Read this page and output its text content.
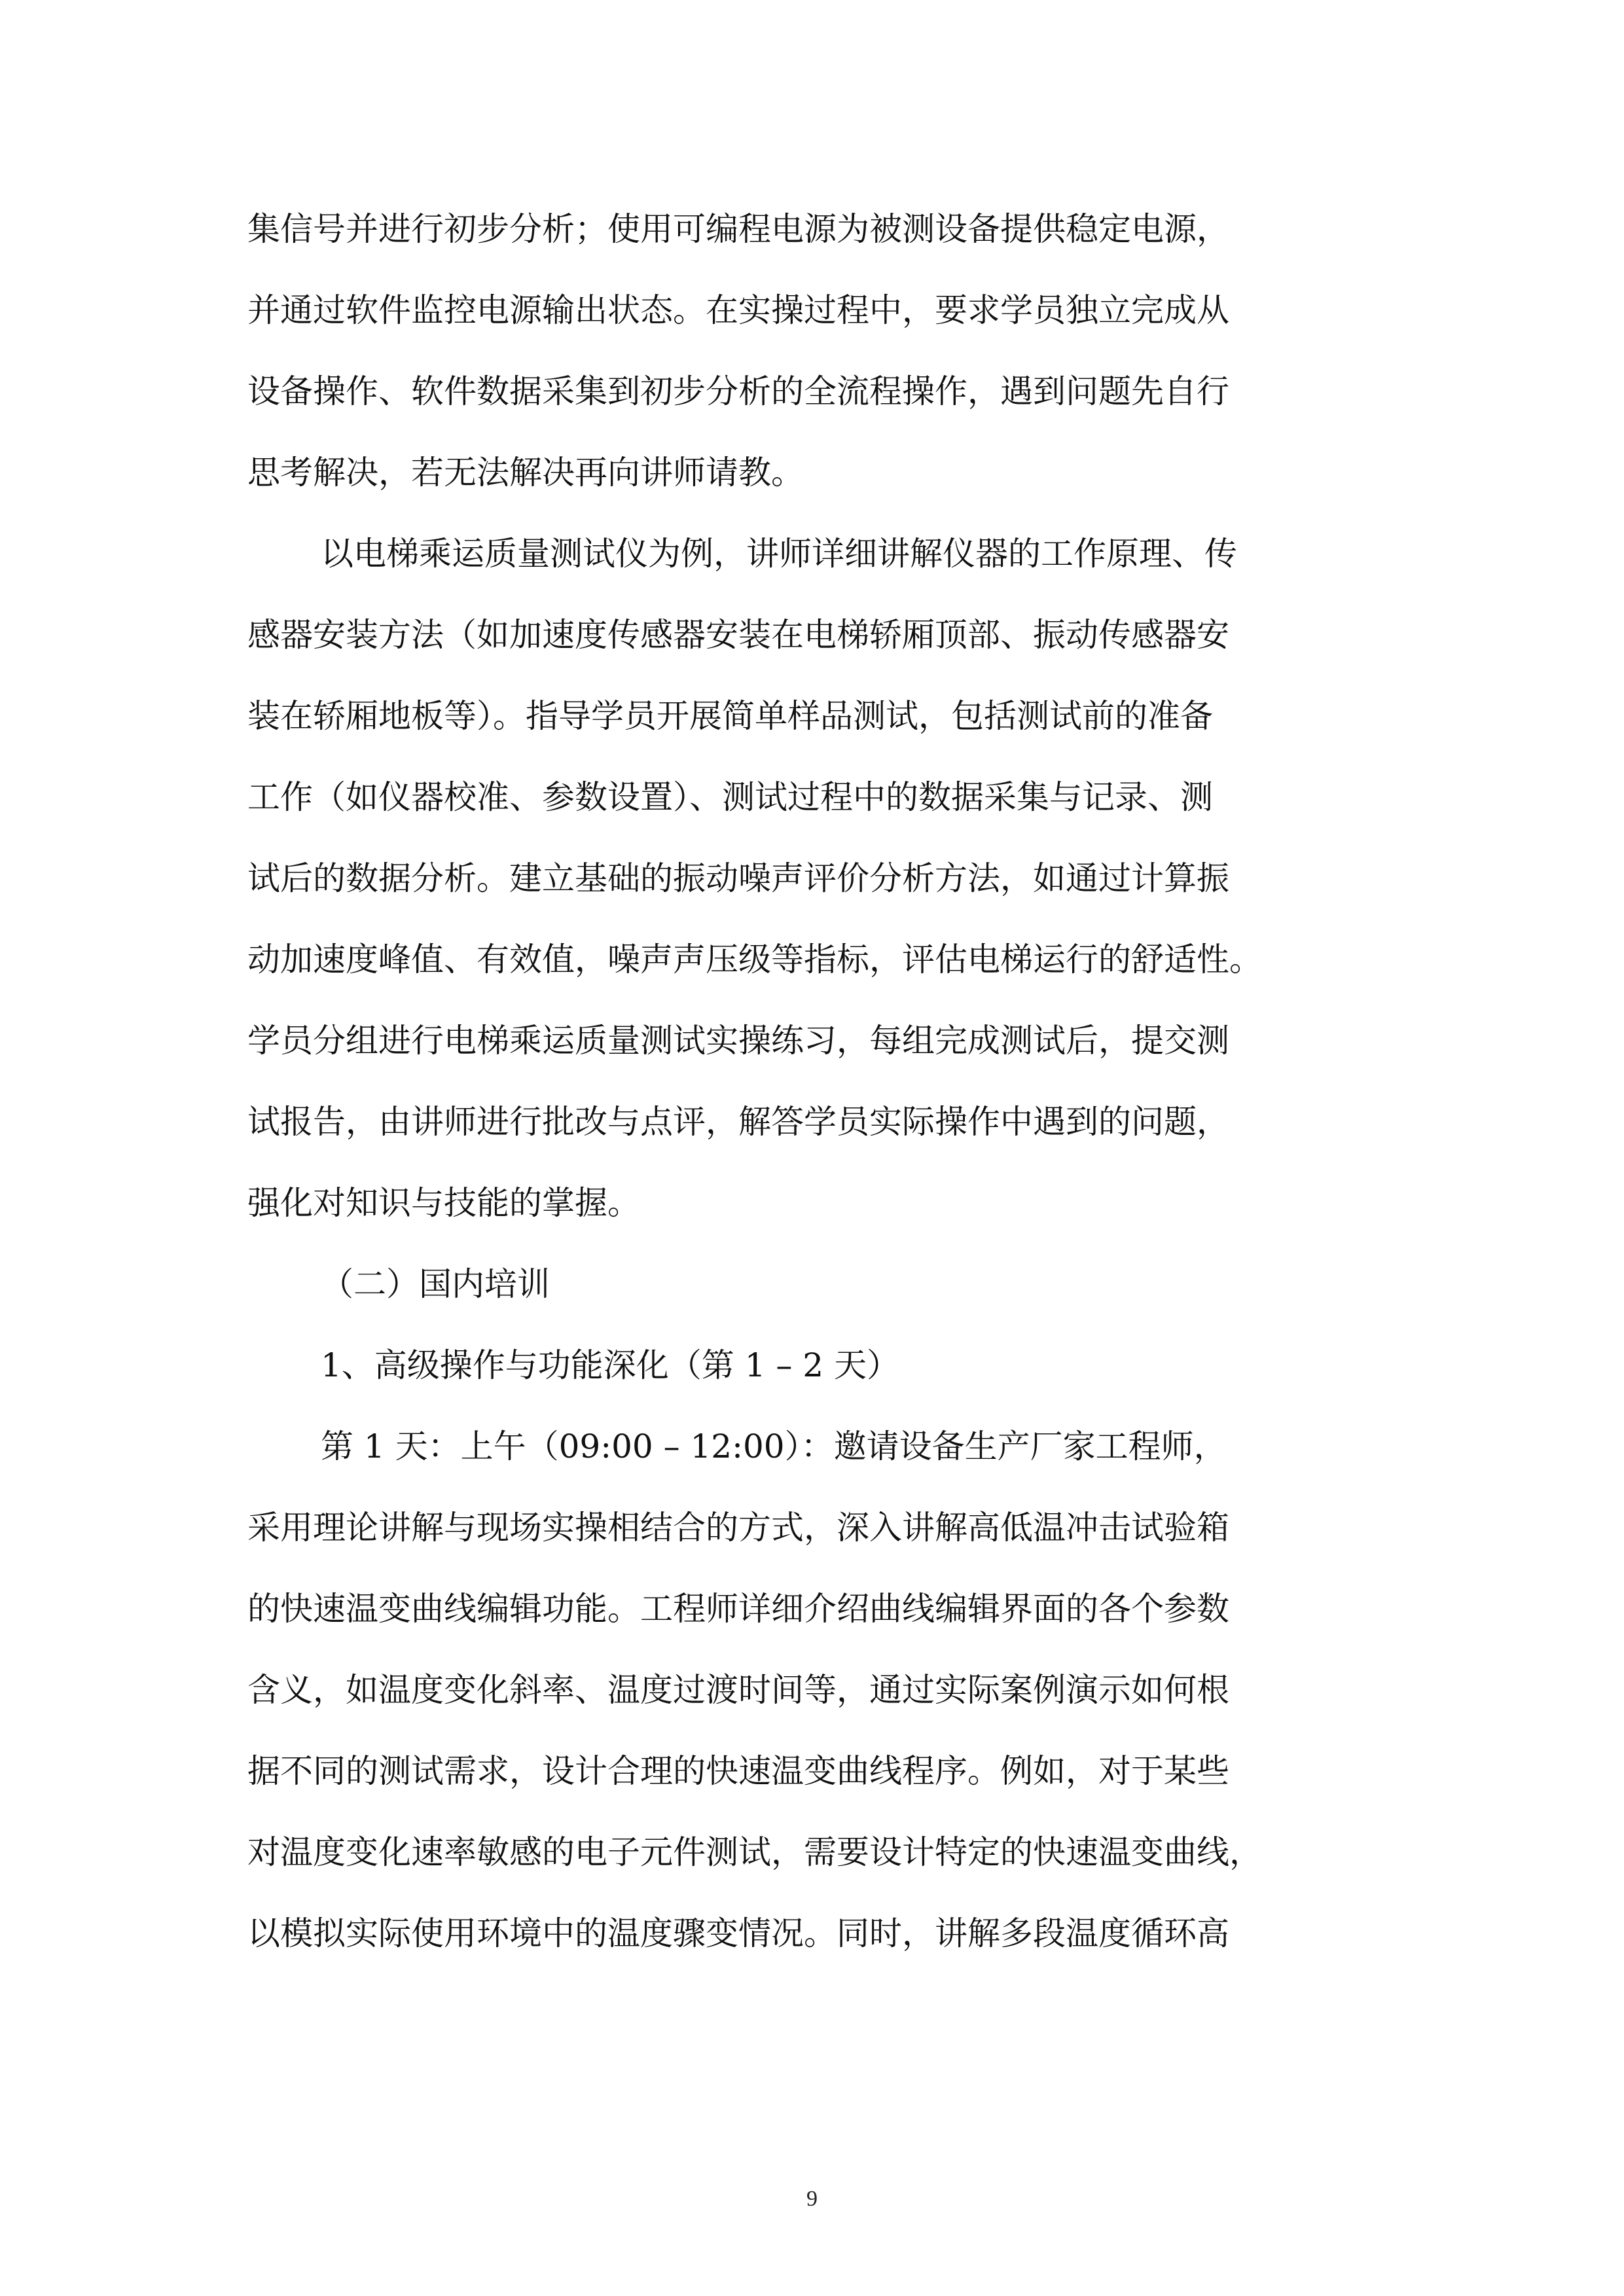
集信号并进行初步分析；使用可编程电源为被测设备提供稳定电源，
并通过软件监控电源输出状态。在实操过程中，要求学员独立完成从
设备操作、软件数据采集到初步分析的全流程操作，遇到问题先自行
思考解决，若无法解决再向讲师请教。
以电梯乘运质量测试仪为例，讲师详细讲解仪器的工作原理、传
感器安装方法（如加速度传感器安装在电梯轿厢顶部、振动传感器安
装在轿厢地板等）。指导学员开展简单样品测试，包括测试前的准备
工作（如仪器校准、参数设置）、测试过程中的数据采集与记录、测
试后的数据分析。建立基础的振动噪声评价分析方法，如通过计算振
动加速度峰值、有效值，噪声声压级等指标，评估电梯运行的舒适性。
学员分组进行电梯乘运质量测试实操练习，每组完成测试后，提交测
试报告，由讲师进行批改与点评，解答学员实际操作中遇到的问题，
强化对知识与技能的掌握。
（二）国内培训
1、高级操作与功能深化（第 1 – 2 天）
第 1 天：上午（09:00 – 12:00）：邀请设备生产厂家工程师，
采用理论讲解与现场实操相结合的方式，深入讲解高低温冲击试验箱
的快速温变曲线编辑功能。工程师详细介绍曲线编辑界面的各个参数
含义，如温度变化斜率、温度过渡时间等，通过实际案例演示如何根
据不同的测试需求，设计合理的快速温变曲线程序。例如，对于某些
对温度变化速率敏感的电子元件测试，需要设计特定的快速温变曲线，
以模拟实际使用环境中的温度骤变情况。同时，讲解多段温度循环高
9
